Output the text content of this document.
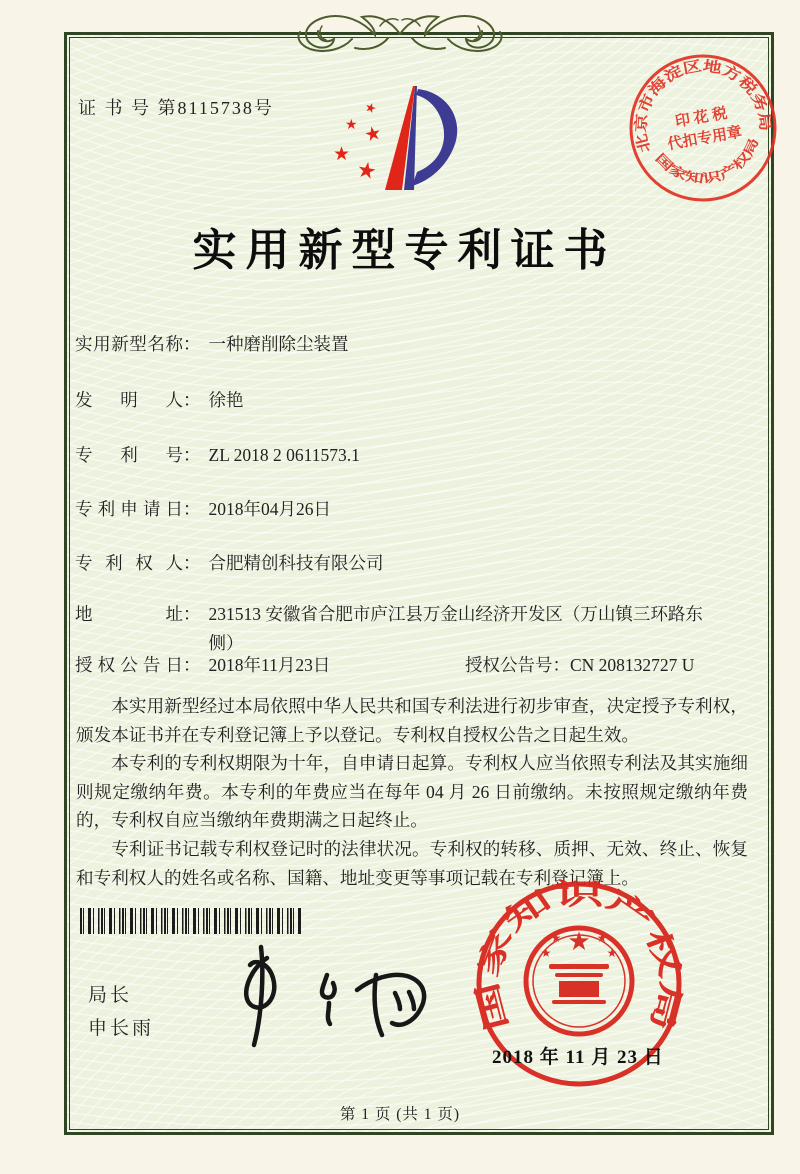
证 书 号 第8115738号	★
★ ★
★
★
北京市海淀区地方税务局
国家知识产权局
印 花 税
代扣专用章
实用新型专利证书
实用新型名称 ： 一种磨削除尘装置
发明人 ： 徐艳
专利号 ： ZL 2018 2 0611573.1
专利申请日 ： 2018年04月26日
专利权人 ： 合肥精创科技有限公司
地址 ： 231513 安徽省合肥市庐江县万金山经济开发区（万山镇三环路东侧）
授权公告日 ： 2018年11月23日	授权公告号：CN 208132727 U

本实用新型经过本局依照中华人民共和国专利法进行初步审查，决定授予专利权，颁发本证书并在专利登记簿上予以登记。专利权自授权公告之日起生效。

本专利的专利权期限为十年，自申请日起算。专利权人应当依照专利法及其实施细则规定缴纳年费。本专利的年费应当在每年 04 月 26 日前缴纳。未按照规定缴纳年费的，专利权自应当缴纳年费期满之日起终止。

专利证书记载专利权登记时的法律状况。专利权的转移、质押、无效、终止、恢复和专利权人的姓名或名称、国籍、地址变更等事项记载在专利登记簿上。

局长
申长雨	国家知识产权局
★
★	★
★	★
2018 年 11 月 23 日
第 1 页 (共 1 页)
